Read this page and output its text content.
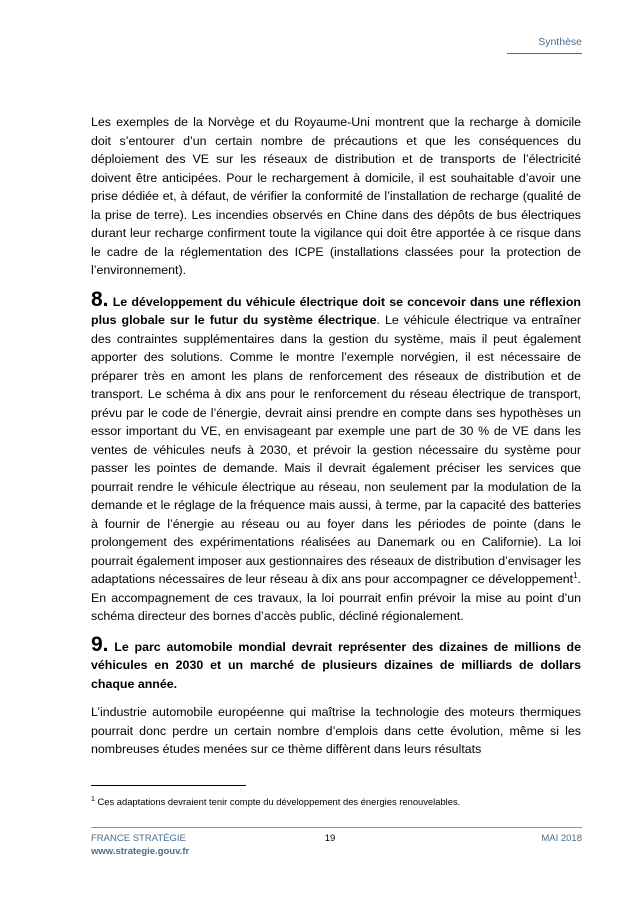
Synthèse

Les exemples de la Norvège et du Royaume-Uni montrent que la recharge à domicile doit s’entourer d’un certain nombre de précautions et que les conséquences du déploiement des VE sur les réseaux de distribution et de transports de l’électricité doivent être anticipées. Pour le rechargement à domicile, il est souhaitable d’avoir une prise dédiée et, à défaut, de vérifier la conformité de l’installation de recharge (qualité de la prise de terre). Les incendies observés en Chine dans des dépôts de bus électriques durant leur recharge confirment toute la vigilance qui doit être apportée à ce risque dans le cadre de la réglementation des ICPE (installations classées pour la protection de l’environnement).

8. Le développement du véhicule électrique doit se concevoir dans une réflexion plus globale sur le futur du système électrique. Le véhicule électrique va entraîner des contraintes supplémentaires dans la gestion du système, mais il peut également apporter des solutions. Comme le montre l’exemple norvégien, il est nécessaire de préparer très en amont les plans de renforcement des réseaux de distribution et de transport. Le schéma à dix ans pour le renforcement du réseau électrique de transport, prévu par le code de l’énergie, devrait ainsi prendre en compte dans ses hypothèses un essor important du VE, en envisageant par exemple une part de 30 % de VE dans les ventes de véhicules neufs à 2030, et prévoir la gestion nécessaire du système pour passer les pointes de demande. Mais il devrait également préciser les services que pourrait rendre le véhicule électrique au réseau, non seulement par la modulation de la demande et le réglage de la fréquence mais aussi, à terme, par la capacité des batteries à fournir de l’énergie au réseau ou au foyer dans les périodes de pointe (dans le prolongement des expérimentations réalisées au Danemark ou en Californie). La loi pourrait également imposer aux gestionnaires des réseaux de distribution d’envisager les adaptations nécessaires de leur réseau à dix ans pour accompagner ce développement$^1$. En accompagnement de ces travaux, la loi pourrait enfin prévoir la mise au point d’un schéma directeur des bornes d’accès public, décliné régionalement.

9. Le parc automobile mondial devrait représenter des dizaines de millions de véhicules en 2030 et un marché de plusieurs dizaines de milliards de dollars chaque année.

L’industrie automobile européenne qui maîtrise la technologie des moteurs thermiques pourrait donc perdre un certain nombre d’emplois dans cette évolution, même si les nombreuses études menées sur ce thème diffèrent dans leurs résultats

$^1$ Ces adaptations devraient tenir compte du développement des énergies renouvelables.
FRANCE STRATÉGIE
www.strategie.gouv.fr
19	MAI 2018
